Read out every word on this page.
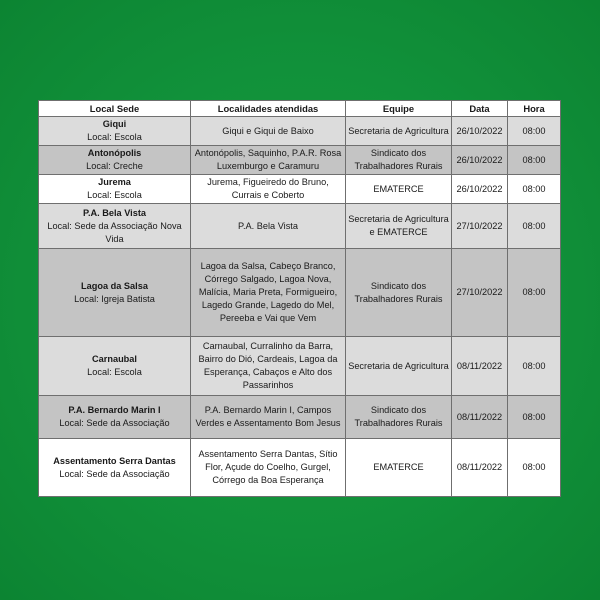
Local Sede	Localidades atendidas	Equipe	Data	Hora

Giqui
Local: Escola	Giqui e Giqui de Baixo	Secretaria de Agricultura	26/10/2022	08:00

Antonópolis
Local: Creche	Antonópolis, Saquinho, P.A.R. Rosa Luxemburgo e Caramuru	Sindicato dos Trabalhadores Rurais	26/10/2022	08:00

Jurema
Local: Escola	Jurema, Figueiredo do Bruno, Currais e Coberto	EMATERCE	26/10/2022	08:00

P.A. Bela Vista
Local: Sede da Associação Nova Vida	P.A. Bela Vista	Secretaria de Agricultura e EMATERCE	27/10/2022	08:00

Lagoa da Salsa
Local: Igreja Batista	Lagoa da Salsa, Cabeço Branco, Córrego Salgado, Lagoa Nova, Malícia, Maria Preta, Formigueiro, Lagedo Grande, Lagedo do Mel, Pereeba e Vai que Vem	Sindicato dos Trabalhadores Rurais	27/10/2022	08:00

Carnaubal
Local: Escola	Carnaubal, Curralinho da Barra, Bairro do Dió, Cardeais, Lagoa da Esperança, Cabaços e Alto dos Passarinhos	Secretaria de Agricultura	08/11/2022	08:00

P.A. Bernardo Marin I
Local: Sede da Associação	P.A. Bernardo Marin I, Campos Verdes e Assentamento Bom Jesus	Sindicato dos Trabalhadores Rurais	08/11/2022	08:00

Assentamento Serra Dantas
Local: Sede da Associação	Assentamento Serra Dantas, Sítio Flor, Açude do Coelho, Gurgel, Córrego da Boa Esperança	EMATERCE	08/11/2022	08:00
